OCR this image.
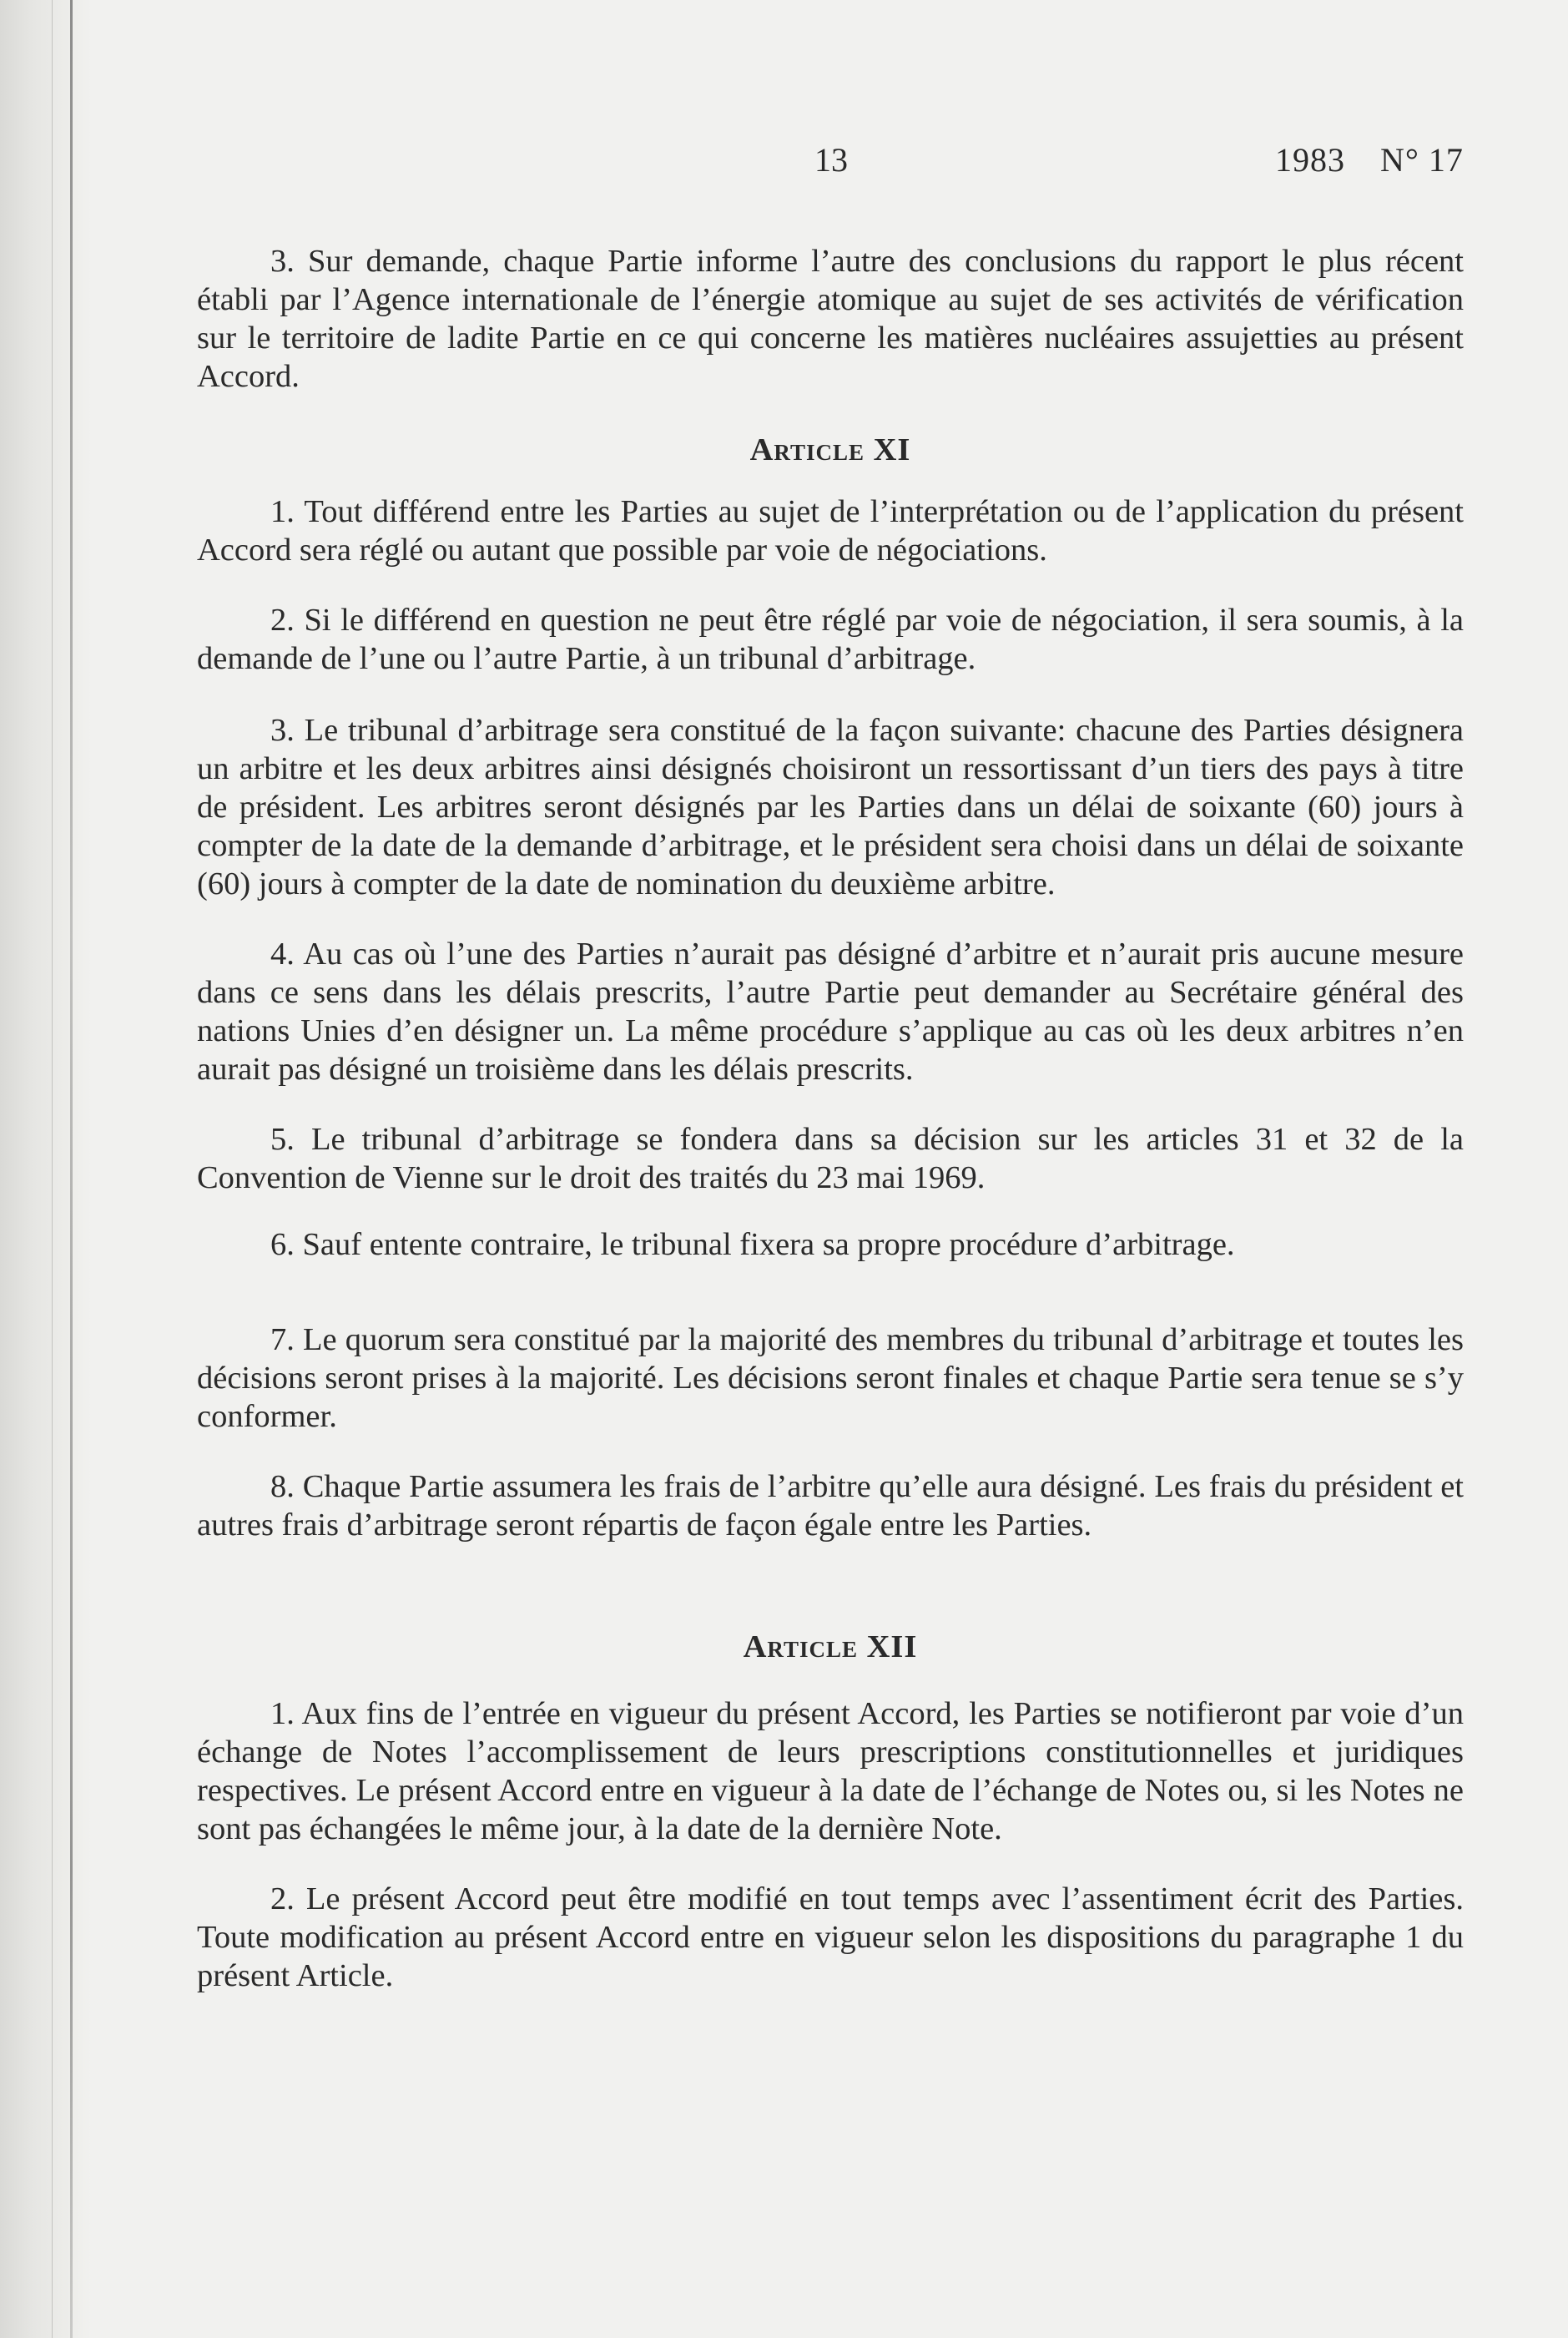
13	1983 N° 17

3. Sur demande, chaque Partie informe l’autre des conclusions du rapport le plus récent établi par l’Agence internationale de l’énergie atomique au sujet de ses activités de vérification sur le territoire de ladite Partie en ce qui concerne les matières nucléaires assujetties au présent Accord.

Article XI

1. Tout différend entre les Parties au sujet de l’interprétation ou de l’application du présent Accord sera réglé ou autant que possible par voie de négociations.

2. Si le différend en question ne peut être réglé par voie de négociation, il sera soumis, à la demande de l’une ou l’autre Partie, à un tribunal d’arbitrage.

3. Le tribunal d’arbitrage sera constitué de la façon suivante: chacune des Parties désignera un arbitre et les deux arbitres ainsi désignés choisiront un ressortissant d’un tiers des pays à titre de président. Les arbitres seront désignés par les Parties dans un délai de soixante (60) jours à compter de la date de la demande d’arbitrage, et le président sera choisi dans un délai de soixante (60) jours à compter de la date de nomination du deuxième arbitre.

4. Au cas où l’une des Parties n’aurait pas désigné d’arbitre et n’aurait pris aucune mesure dans ce sens dans les délais prescrits, l’autre Partie peut demander au Secrétaire général des nations Unies d’en désigner un. La même procédure s’applique au cas où les deux arbitres n’en aurait pas désigné un troisième dans les délais prescrits.

5. Le tribunal d’arbitrage se fondera dans sa décision sur les articles 31 et 32 de la Convention de Vienne sur le droit des traités du 23 mai 1969.

6. Sauf entente contraire, le tribunal fixera sa propre procédure d’arbitrage.

7. Le quorum sera constitué par la majorité des membres du tribunal d’arbitrage et toutes les décisions seront prises à la majorité. Les décisions seront finales et chaque Partie sera tenue se s’y conformer.

8. Chaque Partie assumera les frais de l’arbitre qu’elle aura désigné. Les frais du président et autres frais d’arbitrage seront répartis de façon égale entre les Parties.

Article XII

1. Aux fins de l’entrée en vigueur du présent Accord, les Parties se notifieront par voie d’un échange de Notes l’accomplissement de leurs prescriptions constitutionnelles et juridiques respectives. Le présent Accord entre en vigueur à la date de l’échange de Notes ou, si les Notes ne sont pas échangées le même jour, à la date de la dernière Note.

2. Le présent Accord peut être modifié en tout temps avec l’assentiment écrit des Parties. Toute modification au présent Accord entre en vigueur selon les dispositions du paragraphe 1 du présent Article.
